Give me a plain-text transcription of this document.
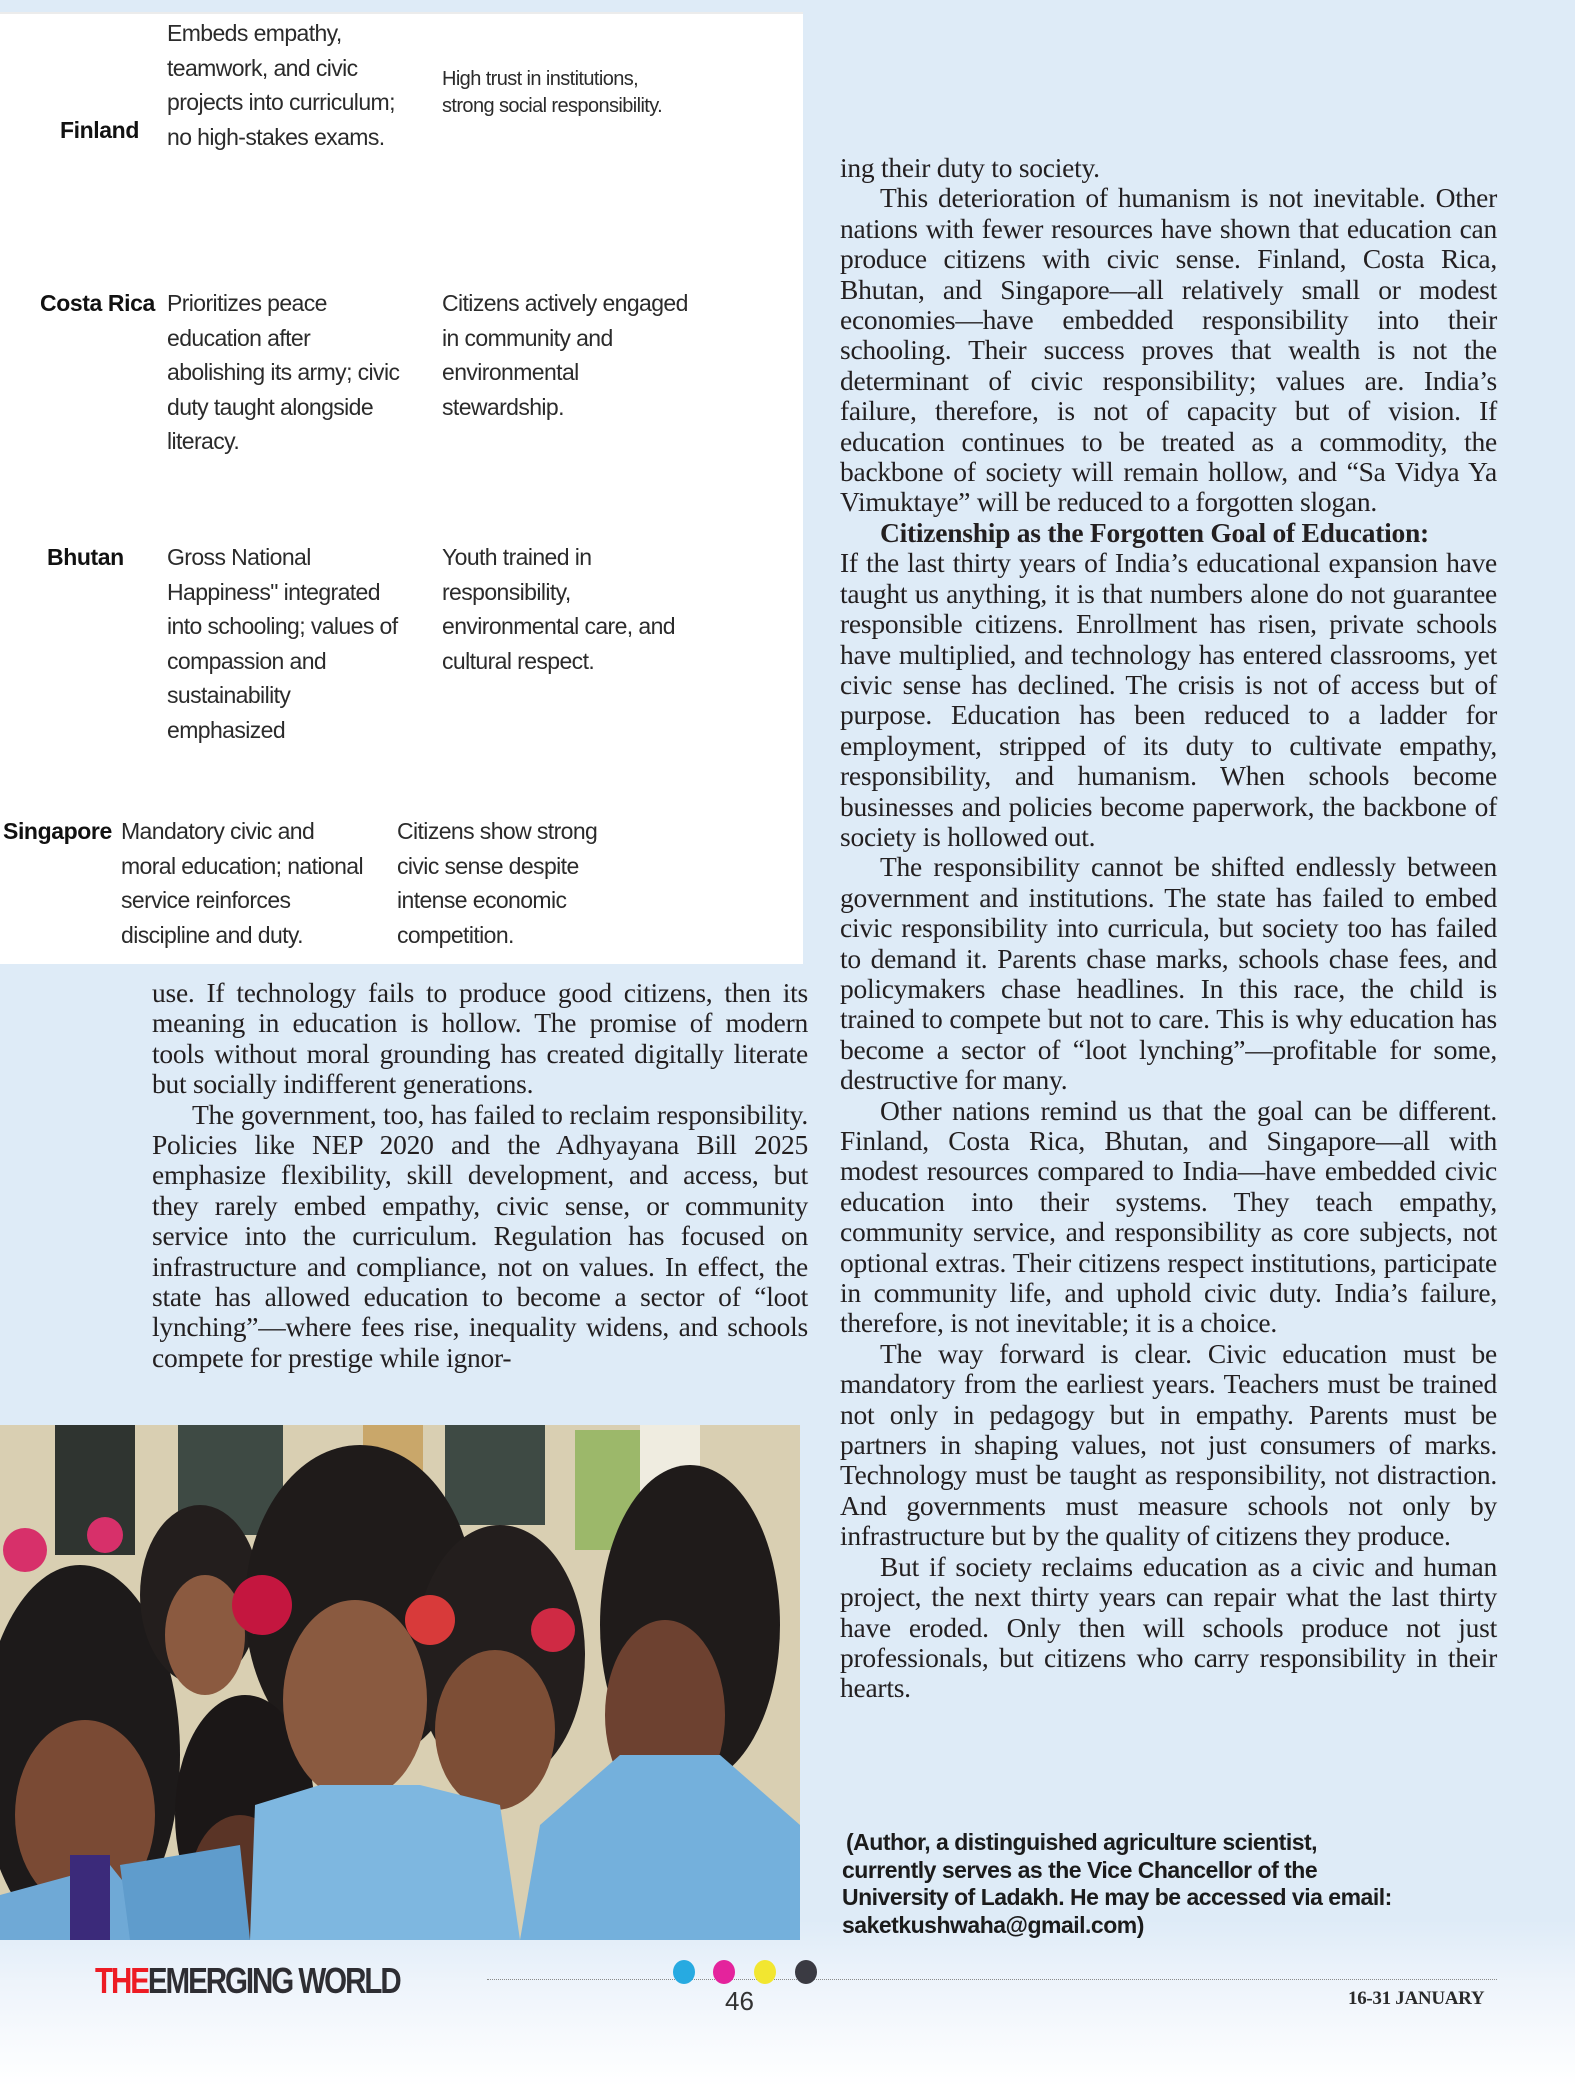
Finland
Embeds empathy,
teamwork, and civic
projects into curriculum;
no high-stakes exams.
High trust in institutions,
strong social responsibility.
Costa Rica Prioritizes peace
education after
abolishing its army; civic
duty taught alongside
literacy.
Citizens actively engaged
in community and
environmental
stewardship.
Bhutan Gross National
Happiness" integrated
into schooling; values of
compassion and
sustainability
emphasized
Youth trained in
responsibility,
environmental care, and
cultural respect.
Singapore Mandatory civic and
moral education; national
service reinforces
discipline and duty.
Citizens show strong
civic sense despite
intense economic
competition.

use. If technology fails to produce good citizens, then its meaning in education is hollow. The promise of modern tools without moral grounding has created digitally literate but socially indifferent generations.

The government, too, has failed to reclaim responsibility. Policies like NEP 2020 and the Adhyayana Bill 2025 emphasize flexibility, skill development, and access, but they rarely embed empathy, civic sense, or community service into the curriculum. Regulation has focused on infrastructure and compliance, not on values. In effect, the state has allowed education to become a sector of “loot lynching”—where fees rise, inequality widens, and schools compete for prestige while ignor-

ing their duty to society.

This deterioration of humanism is not inevitable. Other nations with fewer resources have shown that education can produce citizens with civic sense. Finland, Costa Rica, Bhutan, and Singapore—all relatively small or modest economies—have embedded responsibility into their schooling. Their success proves that wealth is not the determinant of civic responsibility; values are. India’s failure, therefore, is not of capacity but of vision. If education continues to be treated as a commodity, the backbone of society will remain hollow, and “Sa Vidya Ya Vimuktaye” will be reduced to a forgotten slogan.

Citizenship as the Forgotten Goal of Education:

If the last thirty years of India’s educational expansion have taught us anything, it is that numbers alone do not guarantee responsible citizens. Enrollment has risen, private schools have multiplied, and technology has entered classrooms, yet civic sense has declined. The crisis is not of access but of purpose. Education has been reduced to a ladder for employment, stripped of its duty to cultivate empathy, responsibility, and humanism. When schools become businesses and policies become paperwork, the backbone of society is hollowed out.

The responsibility cannot be shifted endlessly between government and institutions. The state has failed to embed civic responsibility into curricula, but society too has failed to demand it. Parents chase marks, schools chase fees, and policymakers chase headlines. In this race, the child is trained to compete but not to care. This is why education has become a sector of “loot lynching”—profitable for some, destructive for many.

Other nations remind us that the goal can be different. Finland, Costa Rica, Bhutan, and Singapore—all with modest resources compared to India—have embedded civic education into their systems. They teach empathy, community service, and responsibility as core subjects, not optional extras. Their citizens respect institutions, participate in community life, and uphold civic duty. India’s failure, therefore, is not inevitable; it is a choice.

The way forward is clear. Civic education must be mandatory from the earliest years. Teachers must be trained not only in pedagogy but in empathy. Parents must be partners in shaping values, not just consumers of marks. Technology must be taught as responsibility, not distraction. And governments must measure schools not only by infrastructure but by the quality of citizens they produce.

But if society reclaims education as a civic and human project, the next thirty years can repair what the last thirty have eroded. Only then will schools produce not just professionals, but citizens who carry responsibility in their hearts.

(Author, a distinguished agriculture scientist,
currently serves as the Vice Chancellor of the
University of Ladakh. He may be accessed via email:
saketkushwaha@gmail.com)
THEEMERGING WORLD	46	16-31 JANUARY
